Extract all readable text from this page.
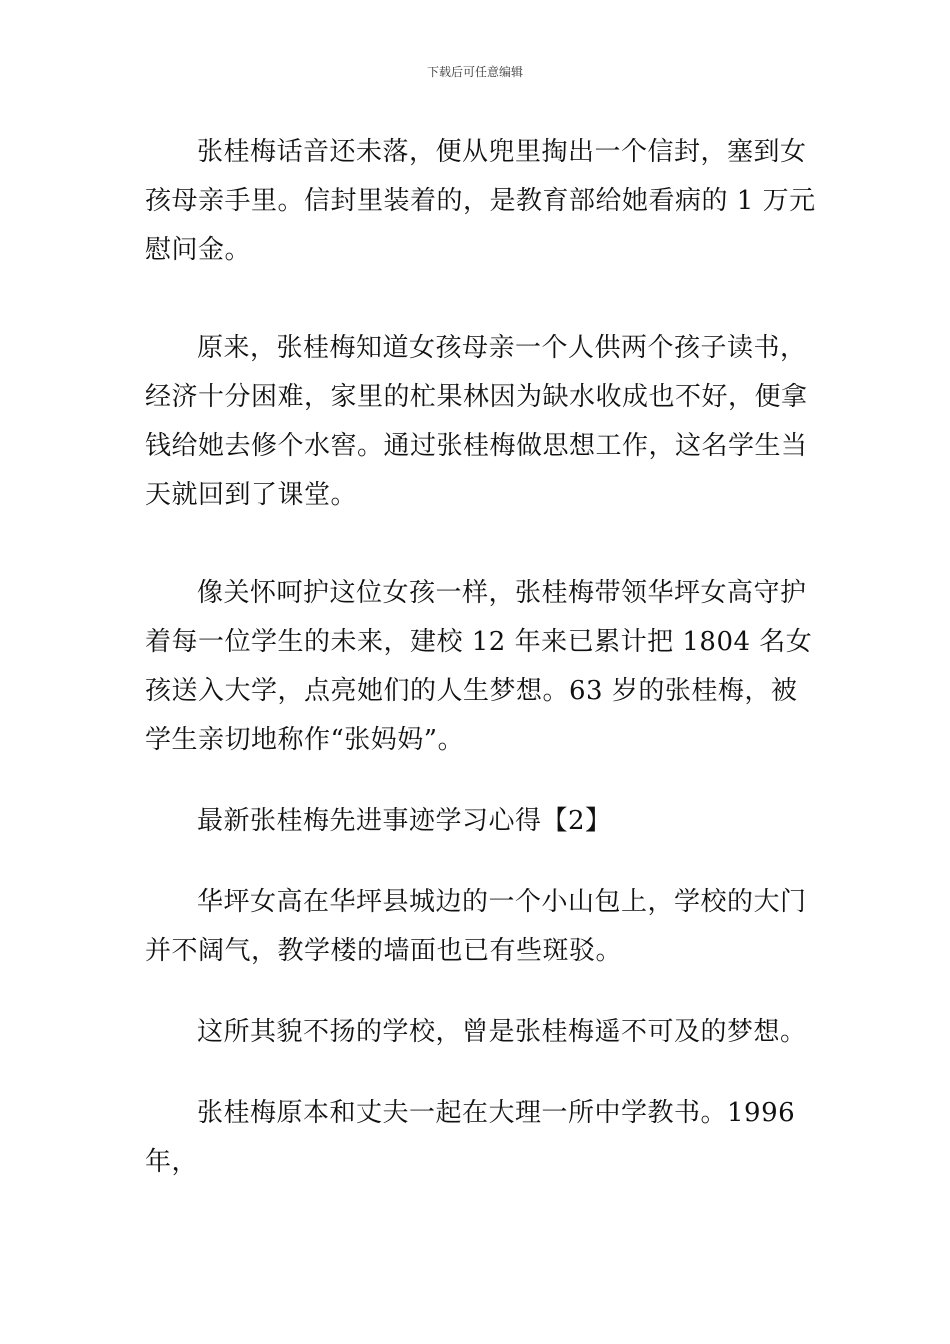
下载后可任意编辑

张桂梅话音还未落，便从兜里掏出一个信封，塞到女孩母亲手里。信封里装着的，是教育部给她看病的 1 万元慰问金。

原来，张桂梅知道女孩母亲一个人供两个孩子读书，经济十分困难，家里的杧果林因为缺水收成也不好，便拿钱给她去修个水窖。通过张桂梅做思想工作，这名学生当天就回到了课堂。

像关怀呵护这位女孩一样，张桂梅带领华坪女高守护着每一位学生的未来，建校 12 年来已累计把 1804 名女孩送入大学，点亮她们的人生梦想。63 岁的张桂梅，被学生亲切地称作“张妈妈”。

最新张桂梅先进事迹学习心得【2】

华坪女高在华坪县城边的一个小山包上，学校的大门并不阔气，教学楼的墙面也已有些斑驳。

这所其貌不扬的学校，曾是张桂梅遥不可及的梦想。

张桂梅原本和丈夫一起在大理一所中学教书。1996 年，
